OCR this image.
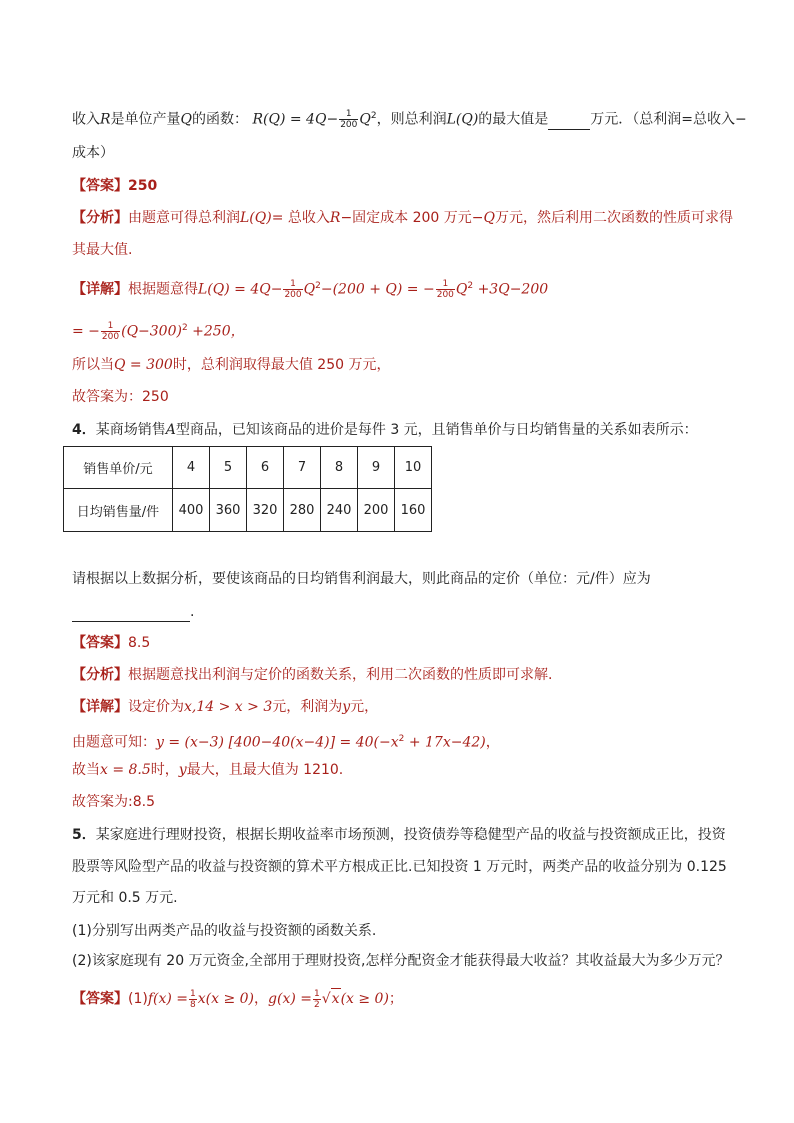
收入R是单位产量Q的函数： $R(Q) = 4Q- \frac{1}{200} Q^2$，则总利润L(Q)的最大值是	万元．（总利润=总收入−
成本）
【答案】250
【分析】由题意可得总利润L(Q)= 总收入R−固定成本 200 万元−Q万元，然后利用二次函数的性质可求得
其最大值.
【详解】根据题意得$L(Q) = 4Q- \frac{1}{200} Q^2-(200 + Q)$ = − $\frac{1}{200} Q^2 +3Q-200$
= − $\frac{1}{200} (Q-300)^2 +250$，
所以当Q = 300时，总利润取得最大值 250 万元，
故答案为：250
4．某商场销售A型商品，已知该商品的进价是每件 3 元，且销售单价与日均销售量的关系如表所示：
销售单价/元	4	5	6	7	8	9	10
日均销售量/件	400	360	320	280	240	200	160
请根据以上数据分析，要使该商品的日均销售利润最大，则此商品的定价（单位：元/件）应为
.
【答案】8.5
【分析】根据题意找出利润与定价的函数关系，利用二次函数的性质即可求解.
【详解】设定价为x,14 > x > 3元，利润为y元，
由题意可知：y = (x−3) $[400-40(x-4)] = 40(-x^2 + 17x-42)$，
故当x = 8.5时，y最大，且最大值为 1210.
故答案为:8.5
5．某家庭进行理财投资，根据长期收益率市场预测，投资债券等稳健型产品的收益与投资额成正比，投资
股票等风险型产品的收益与投资额的算术平方根成正比.已知投资 1 万元时，两类产品的收益分别为 0.125
万元和 0.5 万元.
(1)分别写出两类产品的收益与投资额的函数关系.
(2)该家庭现有 20 万元资金,全部用于理财投资,怎样分配资金才能获得最大收益？其收益最大为多少万元？
【答案】$(1)f(x) = \frac{1}{8} x(x \ge 0)$，$g(x) = \frac{1}{2} √x(x \ge 0)$；
